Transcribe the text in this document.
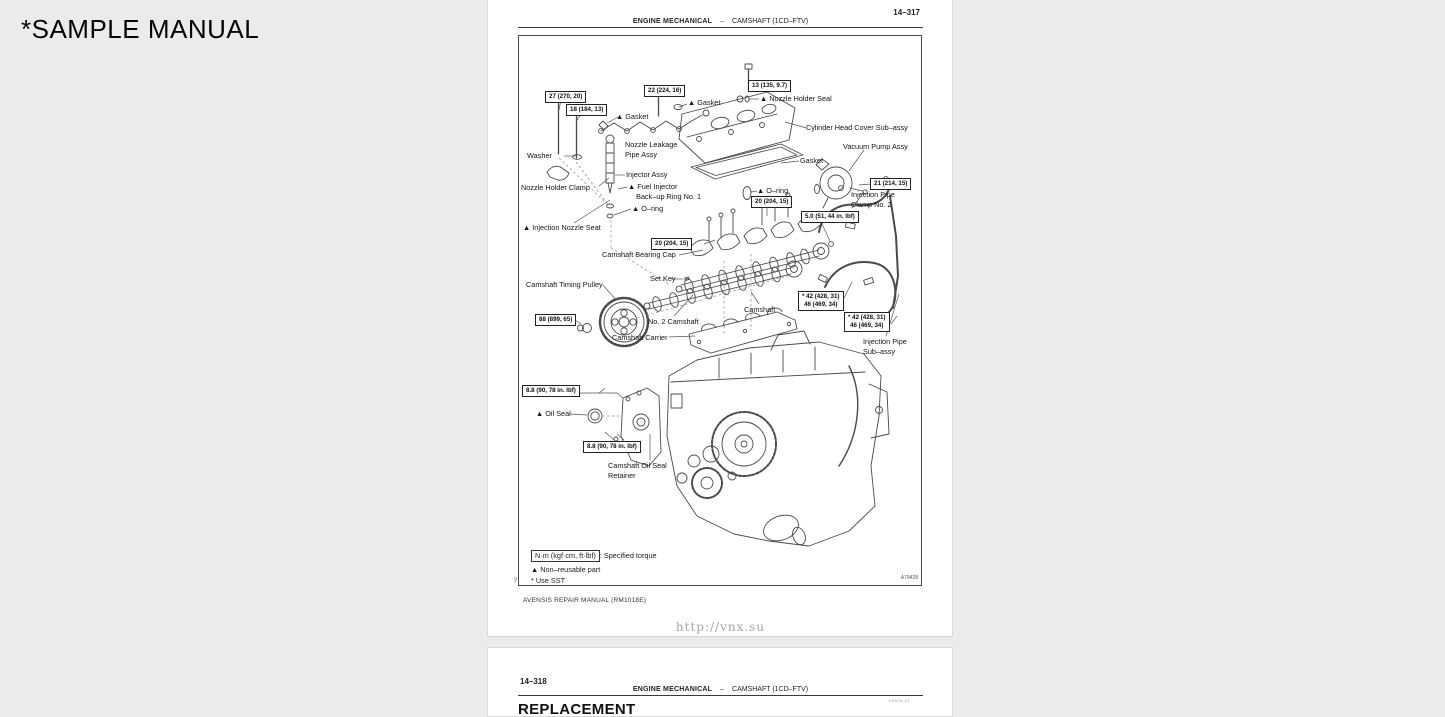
*SAMPLE MANUAL
14–317
ENGINE MECHANICAL – CAMSHAFT (1CD–FTV)
N·m (kgf·cm, ft·lbf) : Specified torque
▲ Non–reusable part
* Use SST	A79428
y
AVENSIS REPAIR MANUAL (RM1018E)
http://vnx.su
▲ Gasket
▲ Gasket
Nozzle Leakage
Pipe Assy
Washer
Nozzle Holder Clamp
Injector Assy
▲ Fuel Injector
Back–up Ring No. 1
▲ O–ring
▲ Nozzle Holder Seal
Cylinder Head Cover Sub–assy
Vacuum Pump Assy
Gasket
▲ O–ring	Injection Pipe
Clamp No. 2
▲ Injection Nozzle Seat
Camshaft Bearing Cap
Set Key
Camshaft Timing Pulley
Camshaft
No. 2 Camshaft
Camshaft Carrier	Injection Pipe
Sub–assy
▲ Oil Seal
Camshaft Oil Seal
Retainer
27 (270, 20)
18 (184, 13)
22 (224, 16)
13 (135, 9.7)
21 (214, 15)
20 (204, 15)
5.0 (51, 44 in. lbf)
20 (204, 15)
88 (899, 65)
* 42 (428, 31)
46 (469, 34)
* 42 (428, 31)
46 (469, 34)
8.8 (90, 78 in. lbf)
8.8 (90, 78 in. lbf)
14–318
ENGINE MECHANICAL – CAMSHAFT (1CD–FTV)
140CN–01
REPLACEMENT
